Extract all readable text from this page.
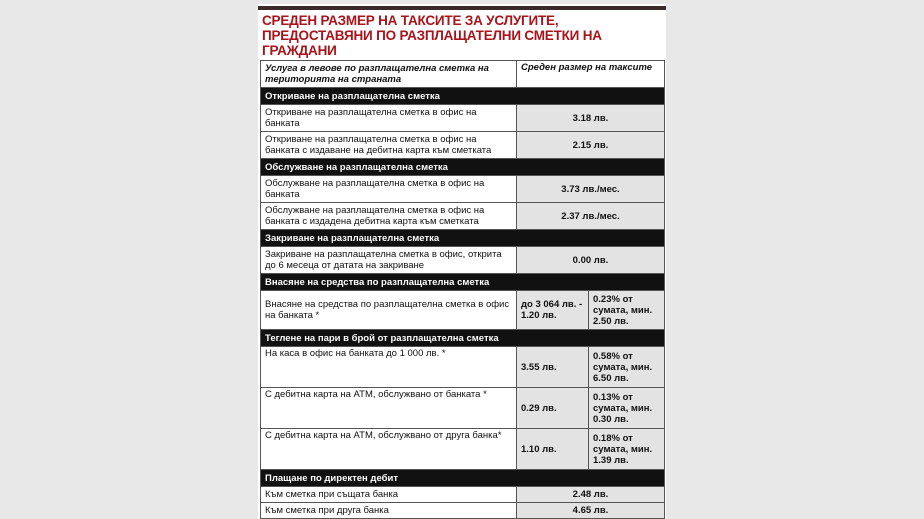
СРЕДЕН РАЗМЕР НА ТАКСИТЕ ЗА УСЛУГИТЕ, ПРЕДОСТАВЯНИ ПО РАЗПЛАЩАТЕЛНИ СМЕТКИ НА ГРАЖДАНИ
Услуга в левове по разплащателна сметка на територията на страната	Среден размер на таксите	
Откриване на разплащателна сметка		
Откриване на разплащателна сметка в офис на банката	3.18 лв.	
Откриване на разплащателна сметка в офис на банката с издаване на дебитна карта към сметката	2.15 лв.	
Обслужване на разплащателна сметка		
Обслужване на разплащателна сметка в офис на банката	3.73 лв./мес.	
Обслужване на разплащателна сметка в офис на банката с издадена дебитна карта към сметката	2.37 лв./мес.	
Закриване на разплащателна сметка		
Закриване на разплащателна сметка в офис, открита до 6 месеца от датата на закриване	0.00 лв.	
Внасяне на средства по разплащателна сметка		
Внасяне на средства по разплащателна сметка в офис на банката *	до 3 064 лв. - 1.20 лв.	0.23% от сумата, мин. 2.50 лв.
Теглене на пари в брой от разплащателна сметка		
На каса в офис на банката до 1 000 лв. *	3.55 лв.	0.58% от сумата, мин. 6.50 лв.
С дебитна карта на АТМ, обслужвано от банката *	0.29 лв.	0.13% от сумата, мин. 0.30 лв.
С дебитна карта на АТМ, обслужвано от друга банка*	1.10 лв.	0.18% от сумата, мин. 1.39 лв.
Плащане по директен дебит		
Към сметка при същата банка	2.48 лв.	
Към сметка при друга банка	4.65 лв.	
